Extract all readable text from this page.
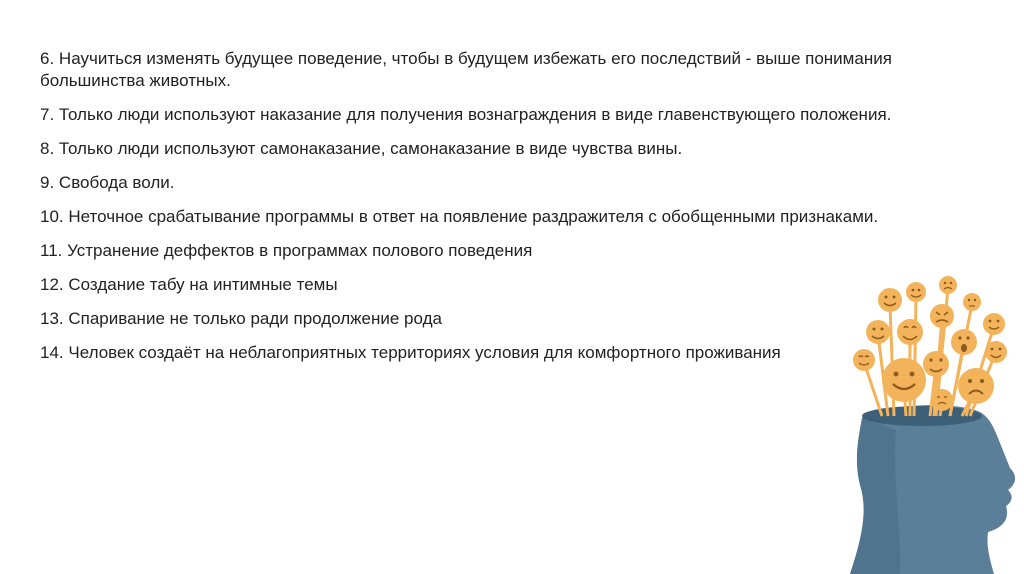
6. Научиться изменять будущее поведение, чтобы в будущем избежать его последствий - выше понимания большинства животных.

7. Только люди используют наказание для получения вознаграждения в виде главенствующего положения.

8. Только люди используют самонаказание, самонаказание в виде чувства вины.

9. Свобода воли.

10. Неточное срабатывание программы в ответ на появление раздражителя с обобщенными признаками.

11. Устранение деффектов в программах полового поведения

12. Создание табу на интимные темы

13. Спаривание не только ради продолжение рода

14. Человек создаёт на неблагоприятных территориях условия для комфортного проживания
